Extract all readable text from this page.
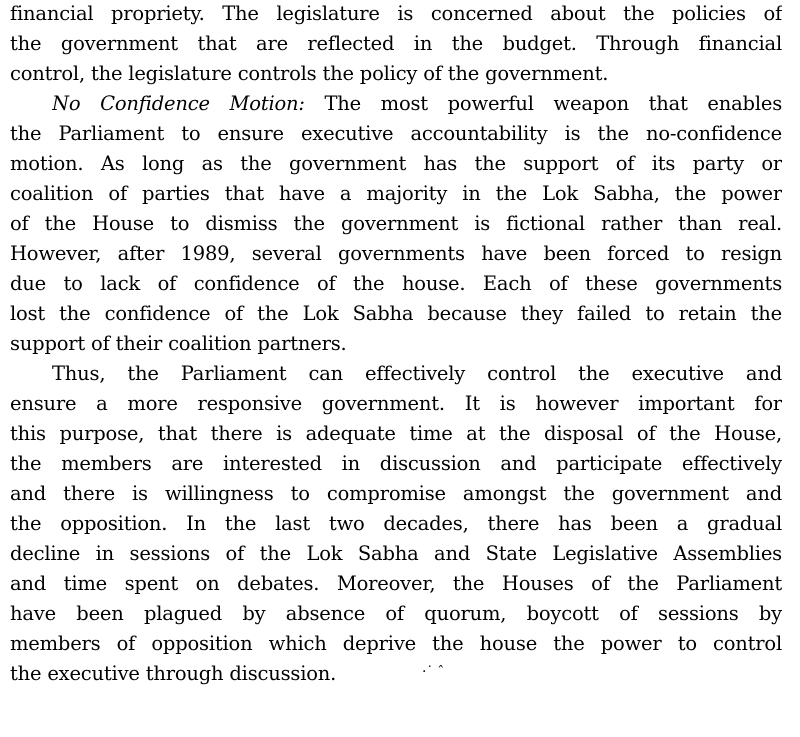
financial propriety. The legislature is concerned about the policies of
the government that are reflected in the budget. Through financial
control, the legislature controls the policy of the government.
No Confidence Motion: The most powerful weapon that enables
the Parliament to ensure executive accountability is the no-confidence
motion. As long as the government has the support of its party or
coalition of parties that have a majority in the Lok Sabha, the power
of the House to dismiss the government is fictional rather than real.
However, after 1989, several governments have been forced to resign
due to lack of confidence of the house. Each of these governments
lost the confidence of the Lok Sabha because they failed to retain the
support of their coalition partners.
Thus, the Parliament can effectively control the executive and
ensure a more responsive government. It is however important for
this purpose, that there is adequate time at the disposal of the House,
the members are interested in discussion and participate effectively
and there is willingness to compromise amongst the government and
the opposition. In the last two decades, there has been a gradual
decline in sessions of the Lok Sabha and State Legislative Assemblies
and time spent on debates. Moreover, the Houses of the Parliament
have been plagued by absence of quorum, boycott of sessions by
members of opposition which deprive the house the power to control
the executive through discussion.	·˙ ˆ
